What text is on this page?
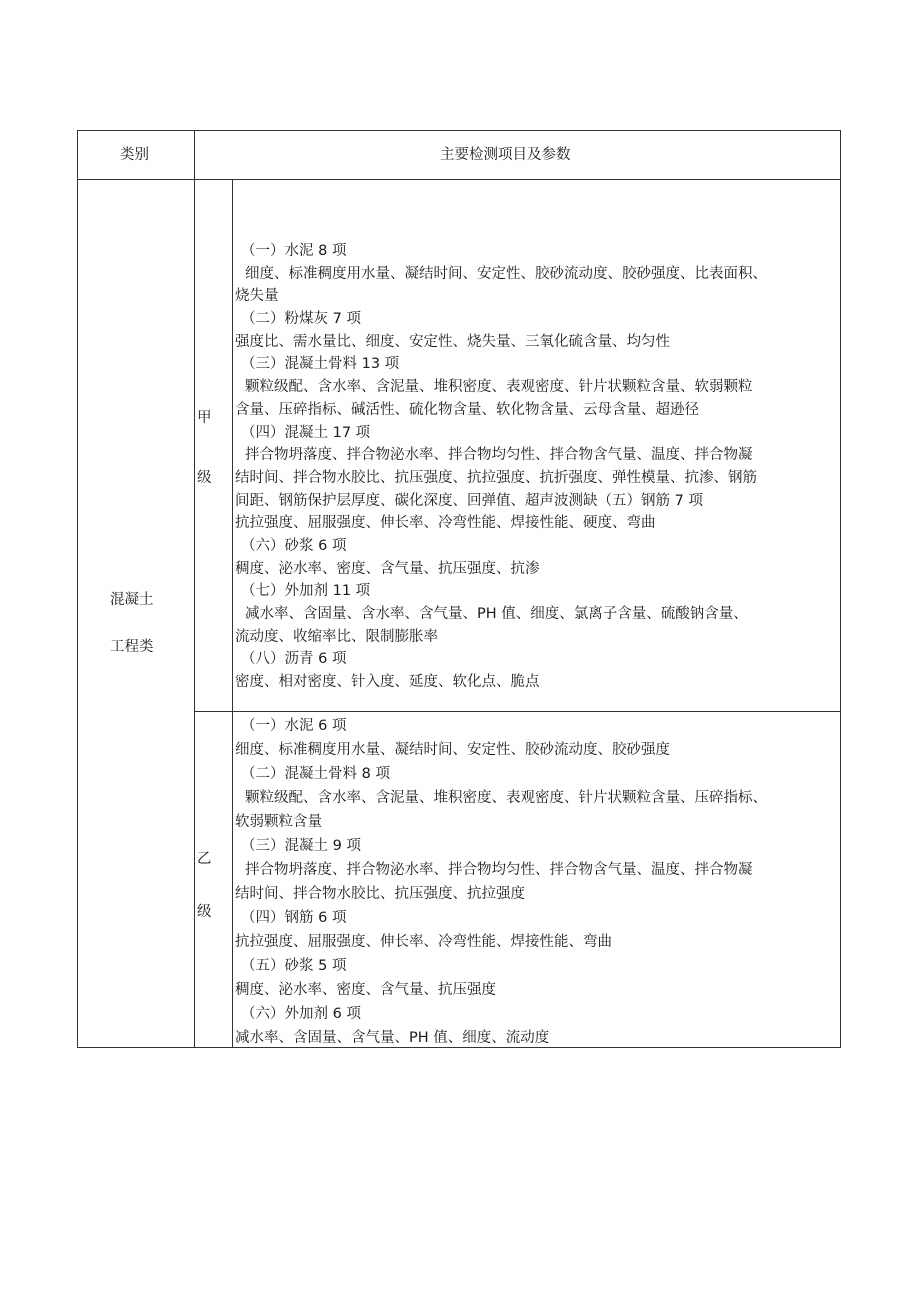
类别	主要检测项目及参数
混凝土
工程类
甲
级
乙
级
（一）水泥 8 项
细度、标准稠度用水量、凝结时间、安定性、胶砂流动度、胶砂强度、比表面积、
烧失量
（二）粉煤灰 7 项
强度比、需水量比、细度、安定性、烧失量、三氧化硫含量、均匀性
（三）混凝土骨料 13 项
颗粒级配、含水率、含泥量、堆积密度、表观密度、针片状颗粒含量、软弱颗粒
含量、压碎指标、碱活性、硫化物含量、软化物含量、云母含量、超逊径
（四）混凝土 17 项
拌合物坍落度、拌合物泌水率、拌合物均匀性、拌合物含气量、温度、拌合物凝
结时间、拌合物水胶比、抗压强度、抗拉强度、抗折强度、弹性模量、抗渗、钢筋
间距、钢筋保护层厚度、碳化深度、回弹值、超声波测缺（五）钢筋 7 项
抗拉强度、屈服强度、伸长率、冷弯性能、焊接性能、硬度、弯曲
（六）砂浆 6 项
稠度、泌水率、密度、含气量、抗压强度、抗渗
（七）外加剂 11 项
减水率、含固量、含水率、含气量、PH 值、细度、氯离子含量、硫酸钠含量、
流动度、收缩率比、限制膨胀率
（八）沥青 6 项
密度、相对密度、针入度、延度、软化点、脆点
（一）水泥 6 项
细度、标准稠度用水量、凝结时间、安定性、胶砂流动度、胶砂强度
（二）混凝土骨料 8 项
颗粒级配、含水率、含泥量、堆积密度、表观密度、针片状颗粒含量、压碎指标、
软弱颗粒含量
（三）混凝土 9 项
拌合物坍落度、拌合物泌水率、拌合物均匀性、拌合物含气量、温度、拌合物凝
结时间、拌合物水胶比、抗压强度、抗拉强度
（四）钢筋 6 项
抗拉强度、屈服强度、伸长率、冷弯性能、焊接性能、弯曲
（五）砂浆 5 项
稠度、泌水率、密度、含气量、抗压强度
（六）外加剂 6 项
减水率、含固量、含气量、PH 值、细度、流动度
